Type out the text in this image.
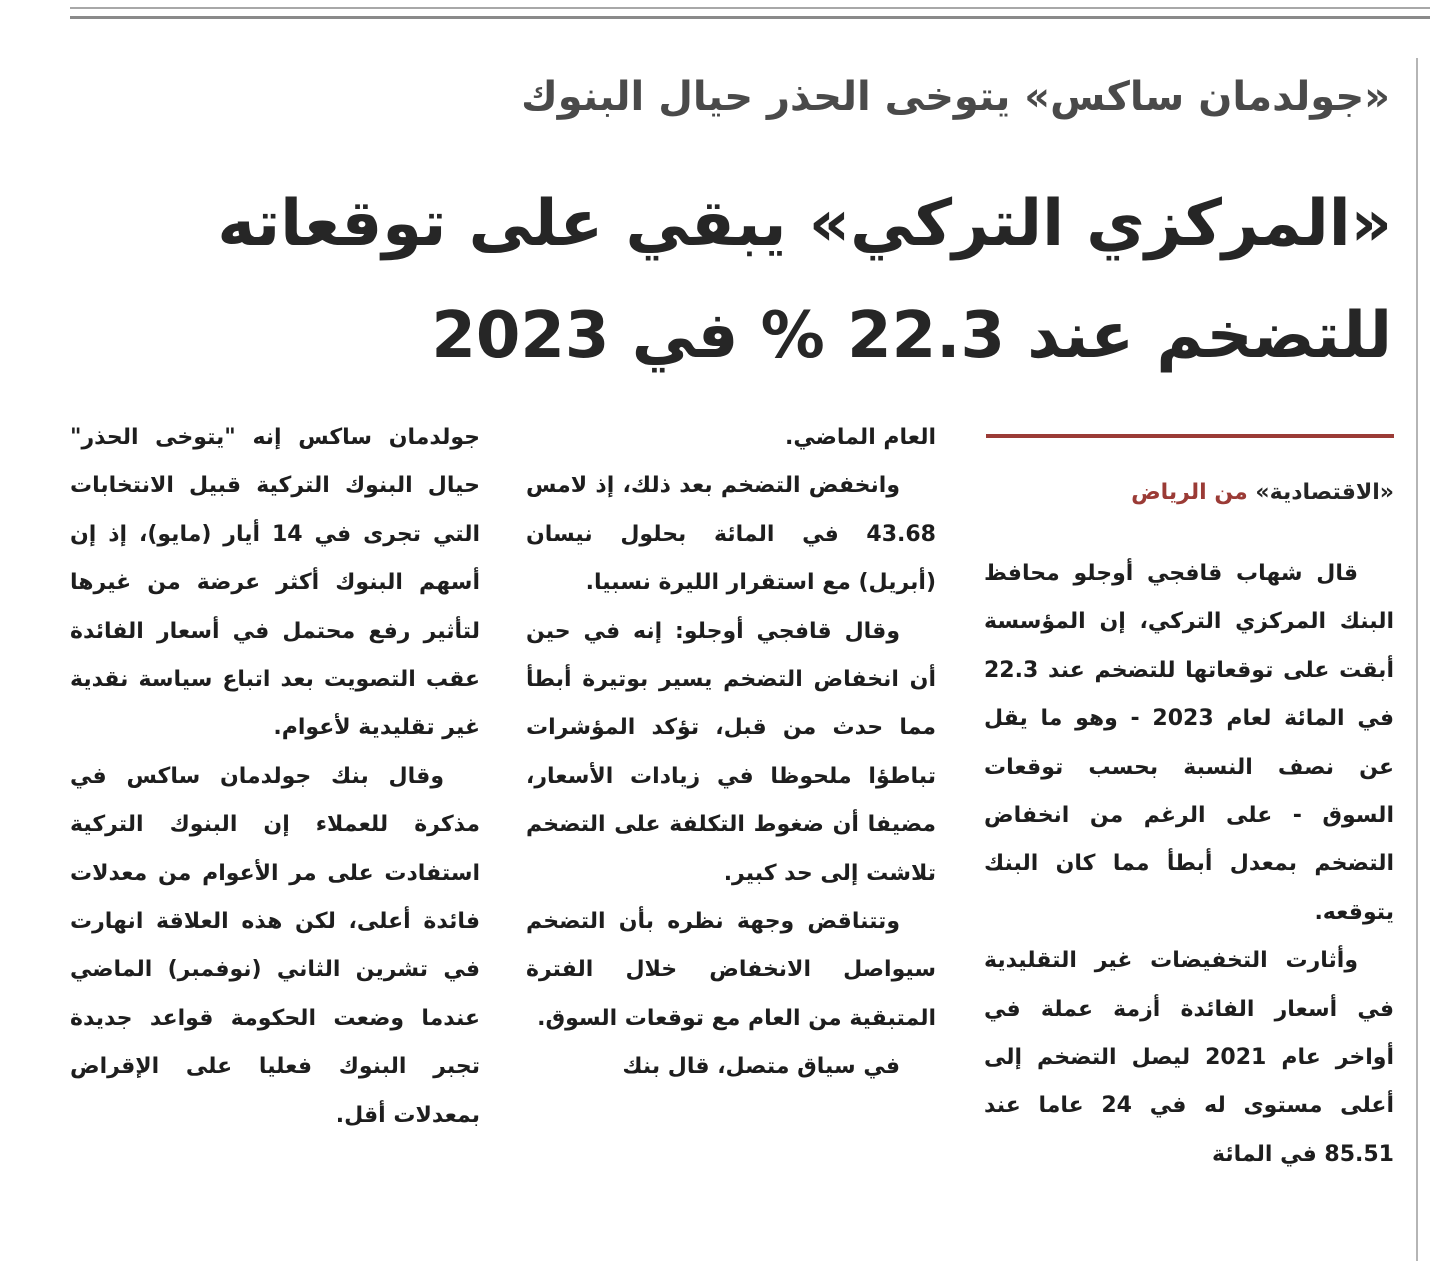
«جولدمان ساكس» يتوخى الحذر حيال البنوك
«المركزي التركي» يبقي على توقعاته
للتضخم عند 22.3 % في 2023
«الاقتصادية» من الرياض

قال شهاب قافجي أوجلو محافظ البنك المركزي التركي، إن المؤسسة أبقت على توقعاتها للتضخم عند 22.3 في المائة لعام 2023 - وهو ما يقل عن نصف النسبة بحسب توقعات السوق - على الرغم من انخفاض التضخم بمعدل أبطأ مما كان البنك يتوقعه.

وأثارت التخفيضات غير التقليدية في أسعار الفائدة أزمة عملة في أواخر عام 2021 ليصل التضخم إلى أعلى مستوى له في 24 عاما عند 85.51 في المائة

العام الماضي.

وانخفض التضخم بعد ذلك، إذ لامس 43.68 في المائة بحلول نيسان (أبريل) مع استقرار الليرة نسبيا.

وقال قافجي أوجلو: إنه في حين أن انخفاض التضخم يسير بوتيرة أبطأ مما حدث من قبل، تؤكد المؤشرات تباطؤا ملحوظا في زيادات الأسعار، مضيفا أن ضغوط التكلفة على التضخم تلاشت إلى حد كبير.

وتتناقض وجهة نظره بأن التضخم سيواصل الانخفاض خلال الفترة المتبقية من العام مع توقعات السوق.

في سياق متصل، قال بنك

جولدمان ساكس إنه "يتوخى الحذر" حيال البنوك التركية قبيل الانتخابات التي تجرى في 14 أيار (مايو)، إذ إن أسهم البنوك أكثر عرضة من غيرها لتأثير رفع محتمل في أسعار الفائدة عقب التصويت بعد اتباع سياسة نقدية غير تقليدية لأعوام.

وقال بنك جولدمان ساكس في مذكرة للعملاء إن البنوك التركية استفادت على مر الأعوام من معدلات فائدة أعلى، لكن هذه العلاقة انهارت في تشرين الثاني (نوفمبر) الماضي عندما وضعت الحكومة قواعد جديدة تجبر البنوك فعليا على الإقراض بمعدلات أقل.
